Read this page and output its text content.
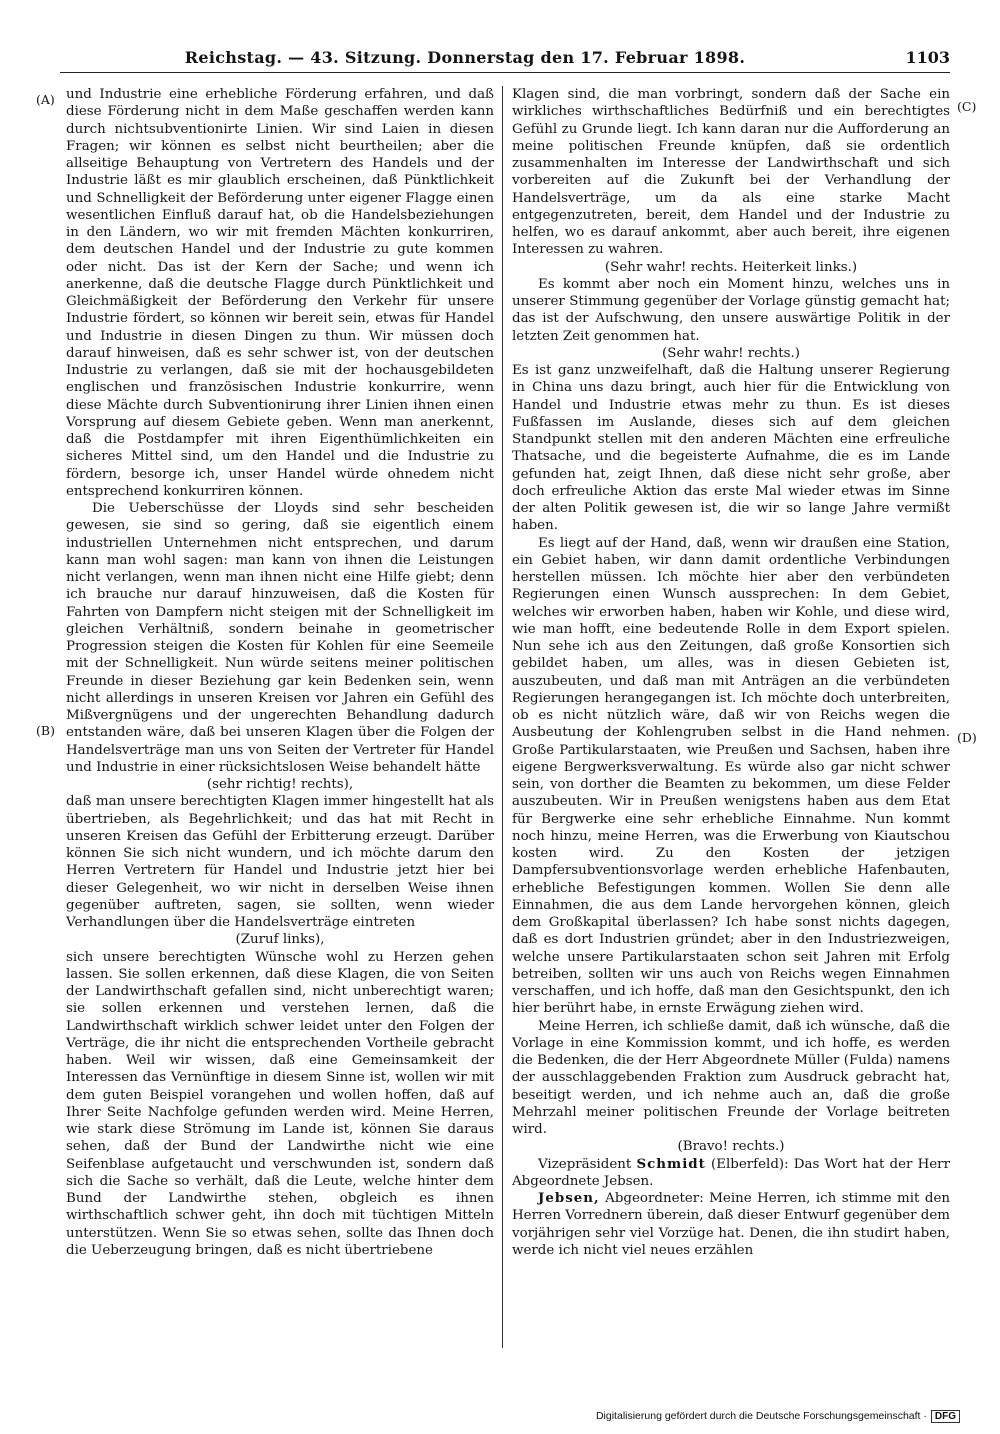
Reichstag. — 43. Sitzung. Donnerstag den 17. Februar 1898.	1103
(A)
(B)
(C)
(D)

und Industrie eine erhebliche Förderung erfahren, und daß diese Förderung nicht in dem Maße geschaffen werden kann durch nichtsubventionirte Linien. Wir sind Laien in diesen Fragen; wir können es selbst nicht beurtheilen; aber die allseitige Behauptung von Vertretern des Handels und der Industrie läßt es mir glaublich erscheinen, daß Pünktlichkeit und Schnelligkeit der Beförderung unter eigener Flagge einen wesentlichen Einfluß darauf hat, ob die Handelsbeziehungen in den Ländern, wo wir mit fremden Mächten konkurriren, dem deutschen Handel und der Industrie zu gute kommen oder nicht. Das ist der Kern der Sache; und wenn ich anerkenne, daß die deutsche Flagge durch Pünktlichkeit und Gleichmäßigkeit der Beförderung den Verkehr für unsere Industrie fördert, so können wir bereit sein, etwas für Handel und Industrie in diesen Dingen zu thun. Wir müssen doch darauf hinweisen, daß es sehr schwer ist, von der deutschen Industrie zu verlangen, daß sie mit der hochausgebildeten englischen und französischen Industrie konkurrire, wenn diese Mächte durch Subventionirung ihrer Linien ihnen einen Vorsprung auf diesem Gebiete geben. Wenn man anerkennt, daß die Postdampfer mit ihren Eigenthümlichkeiten ein sicheres Mittel sind, um den Handel und die Industrie zu fördern, besorge ich, unser Handel würde ohnedem nicht entsprechend konkurriren können.

Die Ueberschüsse der Lloyds sind sehr bescheiden gewesen, sie sind so gering, daß sie eigentlich einem industriellen Unternehmen nicht entsprechen, und darum kann man wohl sagen: man kann von ihnen die Leistungen nicht verlangen, wenn man ihnen nicht eine Hilfe giebt; denn ich brauche nur darauf hinzuweisen, daß die Kosten für Fahrten von Dampfern nicht steigen mit der Schnelligkeit im gleichen Verhältniß, sondern beinahe in geometrischer Progression steigen die Kosten für Kohlen für eine Seemeile mit der Schnelligkeit. Nun würde seitens meiner politischen Freunde in dieser Beziehung gar kein Bedenken sein, wenn nicht allerdings in unseren Kreisen vor Jahren ein Gefühl des Mißvergnügens und der ungerechten Behandlung dadurch entstanden wäre, daß bei unseren Klagen über die Folgen der Handelsverträge man uns von Seiten der Vertreter für Handel und Industrie in einer rücksichtslosen Weise behandelt hätte

(sehr richtig! rechts),

daß man unsere berechtigten Klagen immer hingestellt hat als übertrieben, als Begehrlichkeit; und das hat mit Recht in unseren Kreisen das Gefühl der Erbitterung erzeugt. Darüber können Sie sich nicht wundern, und ich möchte darum den Herren Vertretern für Handel und Industrie jetzt hier bei dieser Gelegenheit, wo wir nicht in derselben Weise ihnen gegenüber auftreten, sagen, sie sollten, wenn wieder Verhandlungen über die Handelsverträge eintreten

(Zuruf links),

sich unsere berechtigten Wünsche wohl zu Herzen gehen lassen. Sie sollen erkennen, daß diese Klagen, die von Seiten der Landwirthschaft gefallen sind, nicht unberechtigt waren; sie sollen erkennen und verstehen lernen, daß die Landwirthschaft wirklich schwer leidet unter den Folgen der Verträge, die ihr nicht die entsprechenden Vortheile gebracht haben. Weil wir wissen, daß eine Gemeinsamkeit der Interessen das Vernünftige in diesem Sinne ist, wollen wir mit dem guten Beispiel vorangehen und wollen hoffen, daß auf Ihrer Seite Nachfolge gefunden werden wird. Meine Herren, wie stark diese Strömung im Lande ist, können Sie daraus sehen, daß der Bund der Landwirthe nicht wie eine Seifenblase aufgetaucht und verschwunden ist, sondern daß sich die Sache so verhält, daß die Leute, welche hinter dem Bund der Landwirthe stehen, obgleich es ihnen wirthschaftlich schwer geht, ihn doch mit tüchtigen Mitteln unterstützen. Wenn Sie so etwas sehen, sollte das Ihnen doch die Ueberzeugung bringen, daß es nicht übertriebene

Klagen sind, die man vorbringt, sondern daß der Sache ein wirkliches wirthschaftliches Bedürfniß und ein berechtigtes Gefühl zu Grunde liegt. Ich kann daran nur die Aufforderung an meine politischen Freunde knüpfen, daß sie ordentlich zusammenhalten im Interesse der Landwirthschaft und sich vorbereiten auf die Zukunft bei der Verhandlung der Handelsverträge, um da als eine starke Macht entgegenzutreten, bereit, dem Handel und der Industrie zu helfen, wo es darauf ankommt, aber auch bereit, ihre eigenen Interessen zu wahren.

(Sehr wahr! rechts. Heiterkeit links.)

Es kommt aber noch ein Moment hinzu, welches uns in unserer Stimmung gegenüber der Vorlage günstig gemacht hat; das ist der Aufschwung, den unsere auswärtige Politik in der letzten Zeit genommen hat.

(Sehr wahr! rechts.)

Es ist ganz unzweifelhaft, daß die Haltung unserer Regierung in China uns dazu bringt, auch hier für die Entwicklung von Handel und Industrie etwas mehr zu thun. Es ist dieses Fußfassen im Auslande, dieses sich auf dem gleichen Standpunkt stellen mit den anderen Mächten eine erfreuliche Thatsache, und die begeisterte Aufnahme, die es im Lande gefunden hat, zeigt Ihnen, daß diese nicht sehr große, aber doch erfreuliche Aktion das erste Mal wieder etwas im Sinne der alten Politik gewesen ist, die wir so lange Jahre vermißt haben.

Es liegt auf der Hand, daß, wenn wir draußen eine Station, ein Gebiet haben, wir dann damit ordentliche Verbindungen herstellen müssen. Ich möchte hier aber den verbündeten Regierungen einen Wunsch aussprechen: In dem Gebiet, welches wir erworben haben, haben wir Kohle, und diese wird, wie man hofft, eine bedeutende Rolle in dem Export spielen. Nun sehe ich aus den Zeitungen, daß große Konsortien sich gebildet haben, um alles, was in diesen Gebieten ist, auszubeuten, und daß man mit Anträgen an die verbündeten Regierungen herangegangen ist. Ich möchte doch unterbreiten, ob es nicht nützlich wäre, daß wir von Reichs wegen die Ausbeutung der Kohlengruben selbst in die Hand nehmen. Große Partikularstaaten, wie Preußen und Sachsen, haben ihre eigene Bergwerksverwaltung. Es würde also gar nicht schwer sein, von dorther die Beamten zu bekommen, um diese Felder auszubeuten. Wir in Preußen wenigstens haben aus dem Etat für Bergwerke eine sehr erhebliche Einnahme. Nun kommt noch hinzu, meine Herren, was die Erwerbung von Kiautschou kosten wird. Zu den Kosten der jetzigen Dampfersubventionsvorlage werden erhebliche Hafenbauten, erhebliche Befestigungen kommen. Wollen Sie denn alle Einnahmen, die aus dem Lande hervorgehen können, gleich dem Großkapital überlassen? Ich habe sonst nichts dagegen, daß es dort Industrien gründet; aber in den Industriezweigen, welche unsere Partikularstaaten schon seit Jahren mit Erfolg betreiben, sollten wir uns auch von Reichs wegen Einnahmen verschaffen, und ich hoffe, daß man den Gesichtspunkt, den ich hier berührt habe, in ernste Erwägung ziehen wird.

Meine Herren, ich schließe damit, daß ich wünsche, daß die Vorlage in eine Kommission kommt, und ich hoffe, es werden die Bedenken, die der Herr Abgeordnete Müller (Fulda) namens der ausschlaggebenden Fraktion zum Ausdruck gebracht hat, beseitigt werden, und ich nehme auch an, daß die große Mehrzahl meiner politischen Freunde der Vorlage beitreten wird.

(Bravo! rechts.)

Vizepräsident Schmidt (Elberfeld): Das Wort hat der Herr Abgeordnete Jebsen.

Jebsen, Abgeordneter: Meine Herren, ich stimme mit den Herren Vorrednern überein, daß dieser Entwurf gegenüber dem vorjährigen sehr viel Vorzüge hat. Denen, die ihn studirt haben, werde ich nicht viel neues erzählen

Digitalisierung gefördert durch die Deutsche Forschungsgemeinschaft · DFG
